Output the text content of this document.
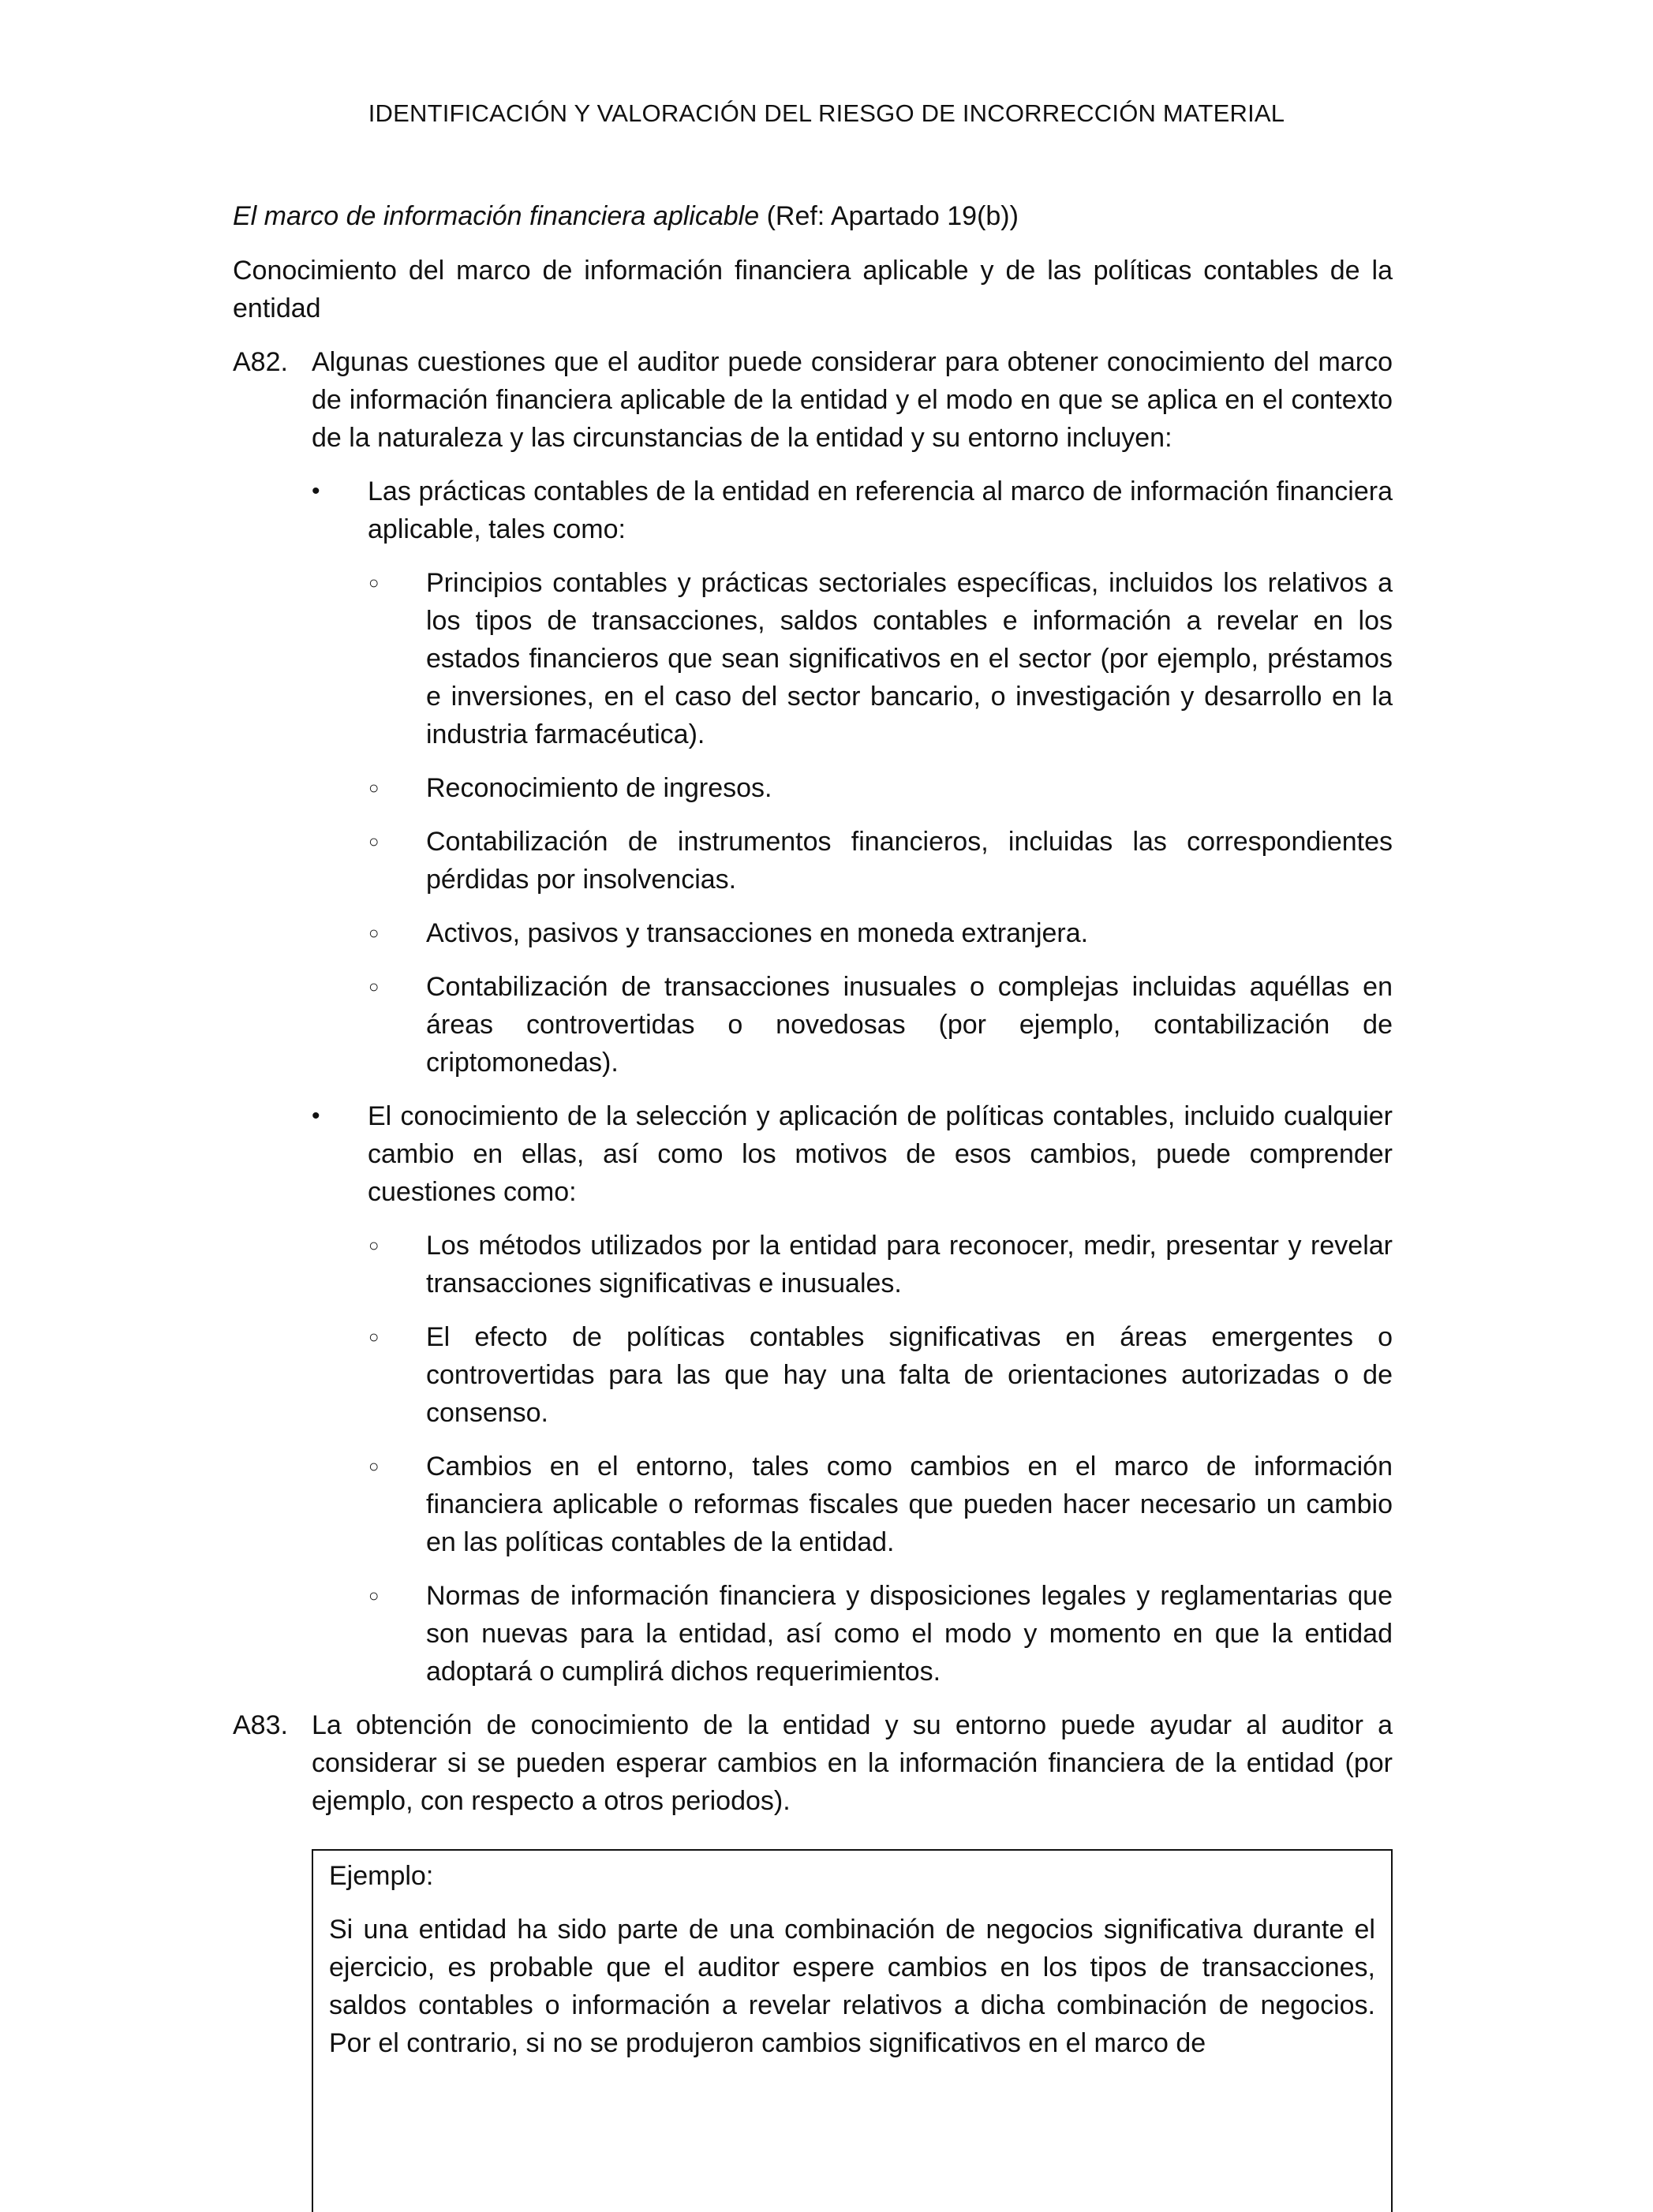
IDENTIFICACIÓN Y VALORACIÓN DEL RIESGO DE INCORRECCIÓN MATERIAL

El marco de información financiera aplicable (Ref: Apartado 19(b))

Conocimiento del marco de información financiera aplicable y de las políticas contables de la entidad

A82. Algunas cuestiones que el auditor puede considerar para obtener conocimiento del marco de información financiera aplicable de la entidad y el modo en que se aplica en el contexto de la naturaleza y las circunstancias de la entidad y su entorno incluyen:
• Las prácticas contables de la entidad en referencia al marco de información financiera aplicable, tales como:
○ Principios contables y prácticas sectoriales específicas, incluidos los relativos a los tipos de transacciones, saldos contables e información a revelar en los estados financieros que sean significativos en el sector (por ejemplo, préstamos e inversiones, en el caso del sector bancario, o investigación y desarrollo en la industria farmacéutica).
○ Reconocimiento de ingresos.
○ Contabilización de instrumentos financieros, incluidas las correspondientes pérdidas por insolvencias.
○ Activos, pasivos y transacciones en moneda extranjera.
○ Contabilización de transacciones inusuales o complejas incluidas aquéllas en áreas controvertidas o novedosas (por ejemplo, contabilización de criptomonedas).
• El conocimiento de la selección y aplicación de políticas contables, incluido cualquier cambio en ellas, así como los motivos de esos cambios, puede comprender cuestiones como:
○ Los métodos utilizados por la entidad para reconocer, medir, presentar y revelar transacciones significativas e inusuales.
○ El efecto de políticas contables significativas en áreas emergentes o controvertidas para las que hay una falta de orientaciones autorizadas o de consenso.
○ Cambios en el entorno, tales como cambios en el marco de información financiera aplicable o reformas fiscales que pueden hacer necesario un cambio en las políticas contables de la entidad.
○ Normas de información financiera y disposiciones legales y reglamentarias que son nuevas para la entidad, así como el modo y momento en que la entidad adoptará o cumplirá dichos requerimientos.
A83. La obtención de conocimiento de la entidad y su entorno puede ayudar al auditor a considerar si se pueden esperar cambios en la información financiera de la entidad (por ejemplo, con respecto a otros periodos).

Ejemplo:

Si una entidad ha sido parte de una combinación de negocios significativa durante el ejercicio, es probable que el auditor espere cambios en los tipos de transacciones, saldos contables o información a revelar relativos a dicha combinación de negocios. Por el contrario, si no se produjeron cambios significativos en el marco de
